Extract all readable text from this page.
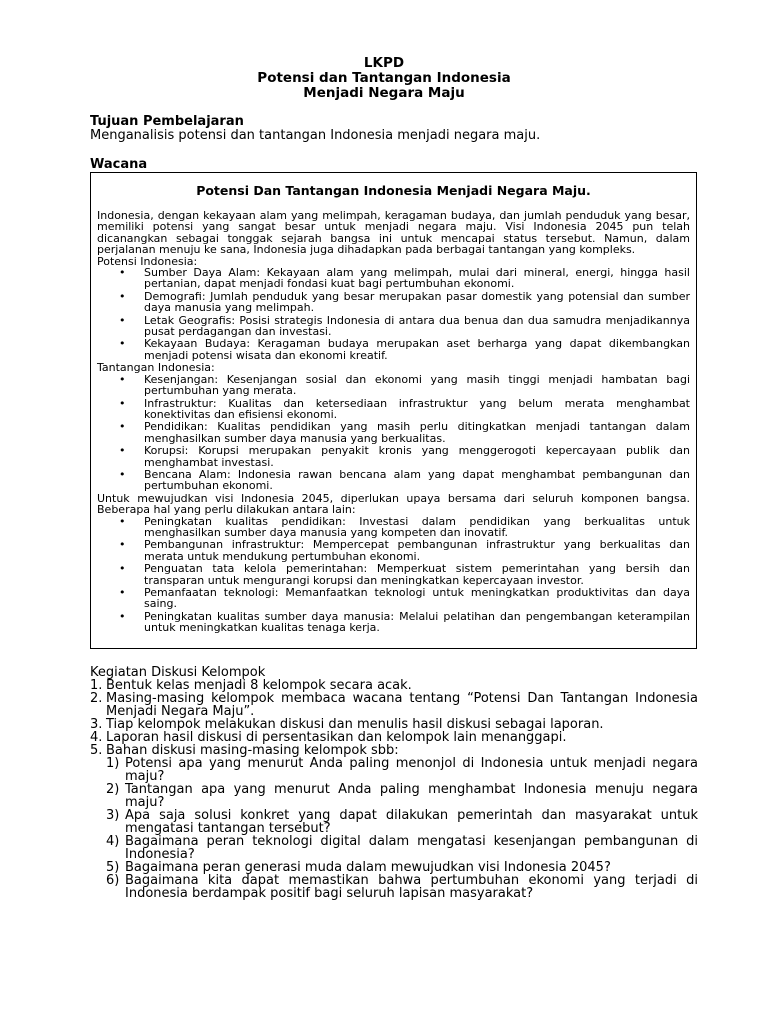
LKPD
Potensi dan Tantangan Indonesia
Menjadi Negara Maju
Tujuan Pembelajaran
Menganalisis potensi dan tantangan Indonesia menjadi negara maju.
Wacana
Potensi Dan Tantangan Indonesia Menjadi Negara Maju.

Indonesia, dengan kekayaan alam yang melimpah, keragaman budaya, dan jumlah penduduk yang besar, memiliki potensi yang sangat besar untuk menjadi negara maju. Visi Indonesia 2045 pun telah dicanangkan sebagai tonggak sejarah bangsa ini untuk mencapai status tersebut. Namun, dalam perjalanan menuju ke sana, Indonesia juga dihadapkan pada berbagai tantangan yang kompleks.

Potensi Indonesia:

• Sumber Daya Alam: Kekayaan alam yang melimpah, mulai dari mineral, energi, hingga hasil pertanian, dapat menjadi fondasi kuat bagi pertumbuhan ekonomi.
• Demografi: Jumlah penduduk yang besar merupakan pasar domestik yang potensial dan sumber daya manusia yang melimpah.
• Letak Geografis: Posisi strategis Indonesia di antara dua benua dan dua samudra menjadikannya pusat perdagangan dan investasi.
• Kekayaan Budaya: Keragaman budaya merupakan aset berharga yang dapat dikembangkan menjadi potensi wisata dan ekonomi kreatif.

Tantangan Indonesia:

• Kesenjangan: Kesenjangan sosial dan ekonomi yang masih tinggi menjadi hambatan bagi pertumbuhan yang merata.
• Infrastruktur: Kualitas dan ketersediaan infrastruktur yang belum merata menghambat konektivitas dan efisiensi ekonomi.
• Pendidikan: Kualitas pendidikan yang masih perlu ditingkatkan menjadi tantangan dalam menghasilkan sumber daya manusia yang berkualitas.
• Korupsi: Korupsi merupakan penyakit kronis yang menggerogoti kepercayaan publik dan menghambat investasi.
• Bencana Alam: Indonesia rawan bencana alam yang dapat menghambat pembangunan dan pertumbuhan ekonomi.

Untuk mewujudkan visi Indonesia 2045, diperlukan upaya bersama dari seluruh komponen bangsa. Beberapa hal yang perlu dilakukan antara lain:

• Peningkatan kualitas pendidikan: Investasi dalam pendidikan yang berkualitas untuk menghasilkan sumber daya manusia yang kompeten dan inovatif.
• Pembangunan infrastruktur: Mempercepat pembangunan infrastruktur yang berkualitas dan merata untuk mendukung pertumbuhan ekonomi.
• Penguatan tata kelola pemerintahan: Memperkuat sistem pemerintahan yang bersih dan transparan untuk mengurangi korupsi dan meningkatkan kepercayaan investor.
• Pemanfaatan teknologi: Memanfaatkan teknologi untuk meningkatkan produktivitas dan daya saing.
• Peningkatan kualitas sumber daya manusia: Melalui pelatihan dan pengembangan keterampilan untuk meningkatkan kualitas tenaga kerja.
Kegiatan Diskusi Kelompok
1. Bentuk kelas menjadi 8 kelompok secara acak.
2. Masing-masing kelompok membaca wacana tentang “Potensi Dan Tantangan Indonesia Menjadi Negara Maju”.
3. Tiap kelompok melakukan diskusi dan menulis hasil diskusi sebagai laporan.
4. Laporan hasil diskusi di persentasikan dan kelompok lain menanggapi.
5. Bahan diskusi masing-masing kelompok sbb:
1) Potensi apa yang menurut Anda paling menonjol di Indonesia untuk menjadi negara maju?
2) Tantangan apa yang menurut Anda paling menghambat Indonesia menuju negara maju?
3) Apa saja solusi konkret yang dapat dilakukan pemerintah dan masyarakat untuk mengatasi tantangan tersebut?
4) Bagaimana peran teknologi digital dalam mengatasi kesenjangan pembangunan di Indonesia?
5) Bagaimana peran generasi muda dalam mewujudkan visi Indonesia 2045?
6) Bagaimana kita dapat memastikan bahwa pertumbuhan ekonomi yang terjadi di Indonesia berdampak positif bagi seluruh lapisan masyarakat?
